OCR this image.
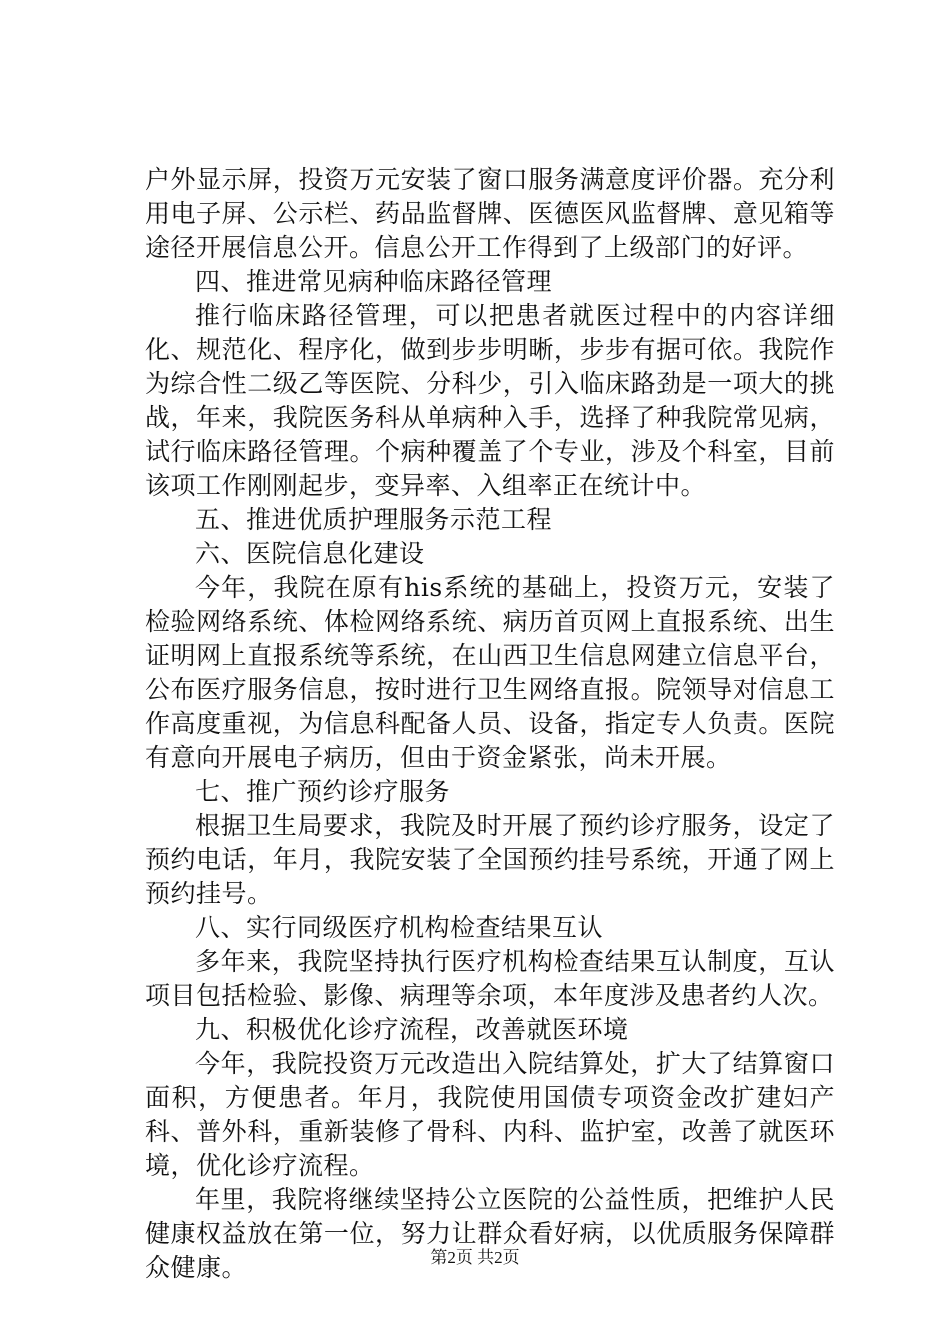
户外显示屏，投资万元安装了窗口服务满意度评价器。充分利用电子屏、公示栏、药品监督牌、医德医风监督牌、意见箱等途径开展信息公开。信息公开工作得到了上级部门的好评。

四、推进常见病种临床路径管理

推行临床路径管理，可以把患者就医过程中的内容详细化、规范化、程序化，做到步步明晰，步步有据可依。我院作为综合性二级乙等医院、分科少，引入临床路劲是一项大的挑战，年来，我院医务科从单病种入手，选择了种我院常见病，试行临床路径管理。个病种覆盖了个专业，涉及个科室，目前该项工作刚刚起步，变异率、入组率正在统计中。

五、推进优质护理服务示范工程

六、医院信息化建设

今年，我院在原有his系统的基础上，投资万元，安装了检验网络系统、体检网络系统、病历首页网上直报系统、出生证明网上直报系统等系统，在山西卫生信息网建立信息平台，公布医疗服务信息，按时进行卫生网络直报。院领导对信息工作高度重视，为信息科配备人员、设备，指定专人负责。医院有意向开展电子病历，但由于资金紧张，尚未开展。

七、推广预约诊疗服务

根据卫生局要求，我院及时开展了预约诊疗服务，设定了预约电话，年月，我院安装了全国预约挂号系统，开通了网上预约挂号。

八、实行同级医疗机构检查结果互认

多年来，我院坚持执行医疗机构检查结果互认制度，互认项目包括检验、影像、病理等余项，本年度涉及患者约人次。

九、积极优化诊疗流程，改善就医环境

今年，我院投资万元改造出入院结算处，扩大了结算窗口面积，方便患者。年月，我院使用国债专项资金改扩建妇产科、普外科，重新装修了骨科、内科、监护室，改善了就医环境，优化诊疗流程。

年里，我院将继续坚持公立医院的公益性质，把维护人民健康权益放在第一位，努力让群众看好病，以优质服务保障群众健康。	第2页 共2页
